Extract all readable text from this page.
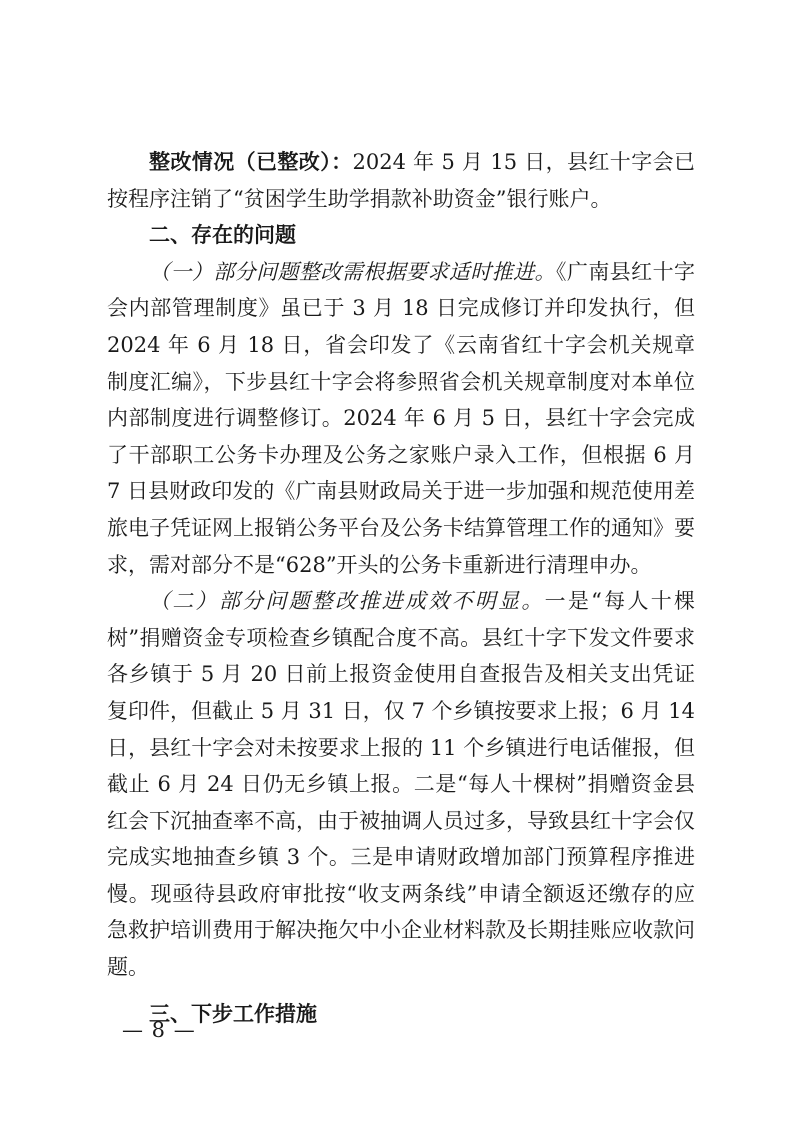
整改情况（已整改）：2024 年 5 月 15 日，县红十字会已按程序注销了“贫困学生助学捐款补助资金”银行账户。

二、存在的问题

（一）部分问题整改需根据要求适时推进。《广南县红十字会内部管理制度》虽已于 3 月 18 日完成修订并印发执行，但 2024 年 6 月 18 日，省会印发了《云南省红十字会机关规章制度汇编》，下步县红十字会将参照省会机关规章制度对本单位内部制度进行调整修订。2024 年 6 月 5 日，县红十字会完成了干部职工公务卡办理及公务之家账户录入工作，但根据 6 月 7 日县财政印发的《广南县财政局关于进一步加强和规范使用差旅电子凭证网上报销公务平台及公务卡结算管理工作的通知》要求，需对部分不是“628”开头的公务卡重新进行清理申办。

（二）部分问题整改推进成效不明显。一是“每人十棵树”捐赠资金专项检查乡镇配合度不高。县红十字下发文件要求各乡镇于 5 月 20 日前上报资金使用自查报告及相关支出凭证复印件，但截止 5 月 31 日，仅 7 个乡镇按要求上报；6 月 14 日，县红十字会对未按要求上报的 11 个乡镇进行电话催报，但截止 6 月 24 日仍无乡镇上报。二是“每人十棵树”捐赠资金县红会下沉抽查率不高，由于被抽调人员过多，导致县红十字会仅完成实地抽查乡镇 3 个。三是申请财政增加部门预算程序推进慢。现亟待县政府审批按“收支两条线”申请全额返还缴存的应急救护培训费用于解决拖欠中小企业材料款及长期挂账应收款问题。

三、下步工作措施

— 8 —
